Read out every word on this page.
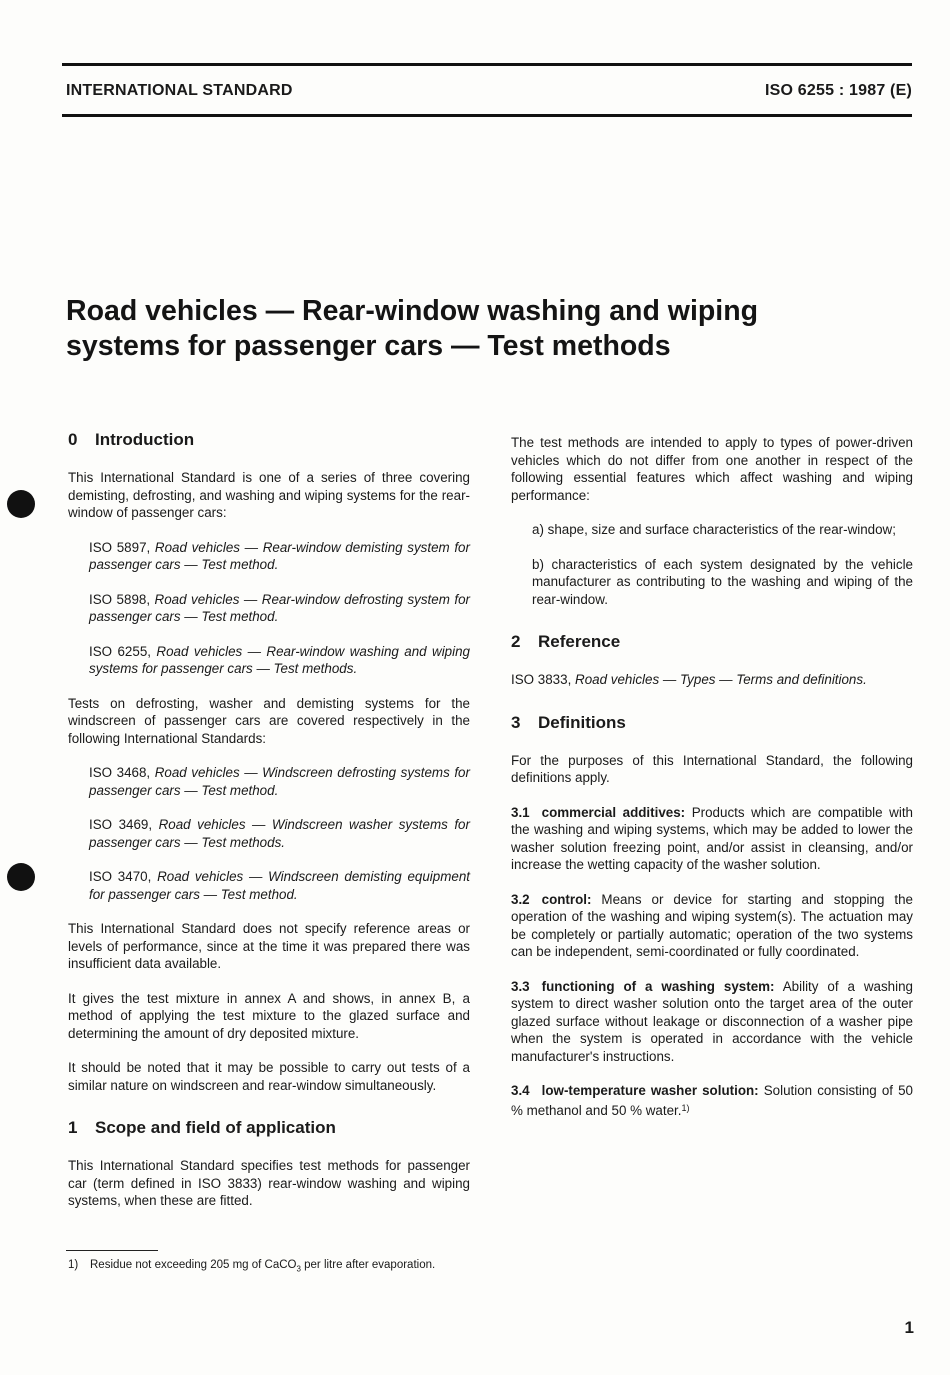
INTERNATIONAL STANDARD	ISO 6255 : 1987 (E)
Road vehicles — Rear-window washing and wiping
systems for passenger cars — Test methods
0 Introduction

This International Standard is one of a series of three covering demisting, defrosting, and washing and wiping systems for the rear-window of passenger cars:

ISO 5897, Road vehicles — Rear-window demisting system for passenger cars — Test method.

ISO 5898, Road vehicles — Rear-window defrosting system for passenger cars — Test method.

ISO 6255, Road vehicles — Rear-window washing and wiping systems for passenger cars — Test methods.

Tests on defrosting, washer and demisting systems for the windscreen of passenger cars are covered respectively in the following International Standards:

ISO 3468, Road vehicles — Windscreen defrosting systems for passenger cars — Test method.

ISO 3469, Road vehicles — Windscreen washer systems for passenger cars — Test methods.

ISO 3470, Road vehicles — Windscreen demisting equipment for passenger cars — Test method.

This International Standard does not specify reference areas or levels of performance, since at the time it was prepared there was insufficient data available.

It gives the test mixture in annex A and shows, in annex B, a method of applying the test mixture to the glazed surface and determining the amount of dry deposited mixture.

It should be noted that it may be possible to carry out tests of a similar nature on windscreen and rear-window simultaneously.

1 Scope and field of application

This International Standard specifies test methods for passenger car (term defined in ISO 3833) rear-window washing and wiping systems, when these are fitted.

The test methods are intended to apply to types of power-driven vehicles which do not differ from one another in respect of the following essential features which affect washing and wiping performance:

a) shape, size and surface characteristics of the rear-window;

b) characteristics of each system designated by the vehicle manufacturer as contributing to the washing and wiping of the rear-window.

2 Reference

ISO 3833, Road vehicles — Types — Terms and definitions.

3 Definitions

For the purposes of this International Standard, the following definitions apply.

3.1 commercial additives: Products which are compatible with the washing and wiping systems, which may be added to lower the washer solution freezing point, and/or assist in cleansing, and/or increase the wetting capacity of the washer solution.

3.2 control: Means or device for starting and stopping the operation of the washing and wiping system(s). The actuation may be completely or partially automatic; operation of the two systems can be independent, semi-coordinated or fully coordinated.

3.3 functioning of a washing system: Ability of a washing system to direct washer solution onto the target area of the outer glazed surface without leakage or disconnection of a washer pipe when the system is operated in accordance with the vehicle manufacturer's instructions.

3.4 low-temperature washer solution: Solution consisting of 50 % methanol and 50 % water.$^{1)}$

1) Residue not exceeding 205 mg of CaCO$_3$ per litre after evaporation.
1
